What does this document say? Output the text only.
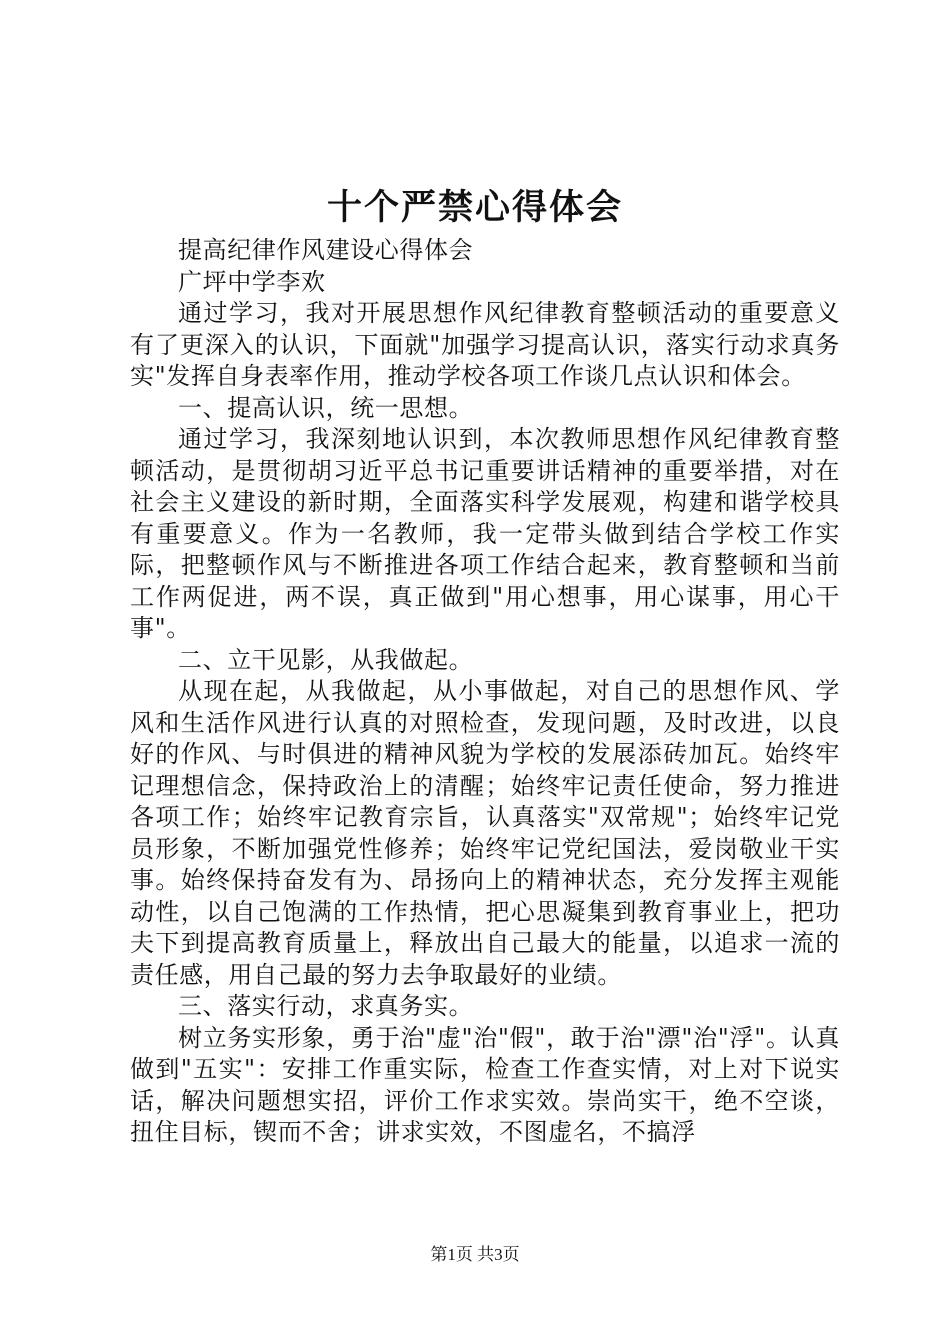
十个严禁心得体会

提高纪律作风建设心得体会

广坪中学李欢

通过学习，我对开展思想作风纪律教育整顿活动的重要意义有了更深入的认识，下面就"加强学习提高认识，落实行动求真务实"发挥自身表率作用，推动学校各项工作谈几点认识和体会。

一、提高认识，统一思想。

通过学习，我深刻地认识到，本次教师思想作风纪律教育整顿活动，是贯彻胡习近平总书记重要讲话精神的重要举措，对在社会主义建设的新时期，全面落实科学发展观，构建和谐学校具有重要意义。作为一名教师，我一定带头做到结合学校工作实际，把整顿作风与不断推进各项工作结合起来，教育整顿和当前工作两促进，两不误，真正做到"用心想事，用心谋事，用心干事"。

二、立干见影，从我做起。

从现在起，从我做起，从小事做起，对自己的思想作风、学风和生活作风进行认真的对照检查，发现问题，及时改进，以良好的作风、与时俱进的精神风貌为学校的发展添砖加瓦。始终牢记理想信念，保持政治上的清醒；始终牢记责任使命，努力推进各项工作；始终牢记教育宗旨，认真落实"双常规"；始终牢记党员形象，不断加强党性修养；始终牢记党纪国法，爱岗敬业干实事。始终保持奋发有为、昂扬向上的精神状态，充分发挥主观能动性，以自己饱满的工作热情，把心思凝集到教育事业上，把功夫下到提高教育质量上，释放出自己最大的能量，以追求一流的责任感，用自己最的努力去争取最好的业绩。

三、落实行动，求真务实。

树立务实形象，勇于治"虚"治"假"，敢于治"漂"治"浮"。认真做到"五实"：安排工作重实际，检查工作查实情，对上对下说实话，解决问题想实招，评价工作求实效。崇尚实干，绝不空谈，扭住目标，锲而不舍；讲求实效，不图虚名，不搞浮

第1页 共3页
